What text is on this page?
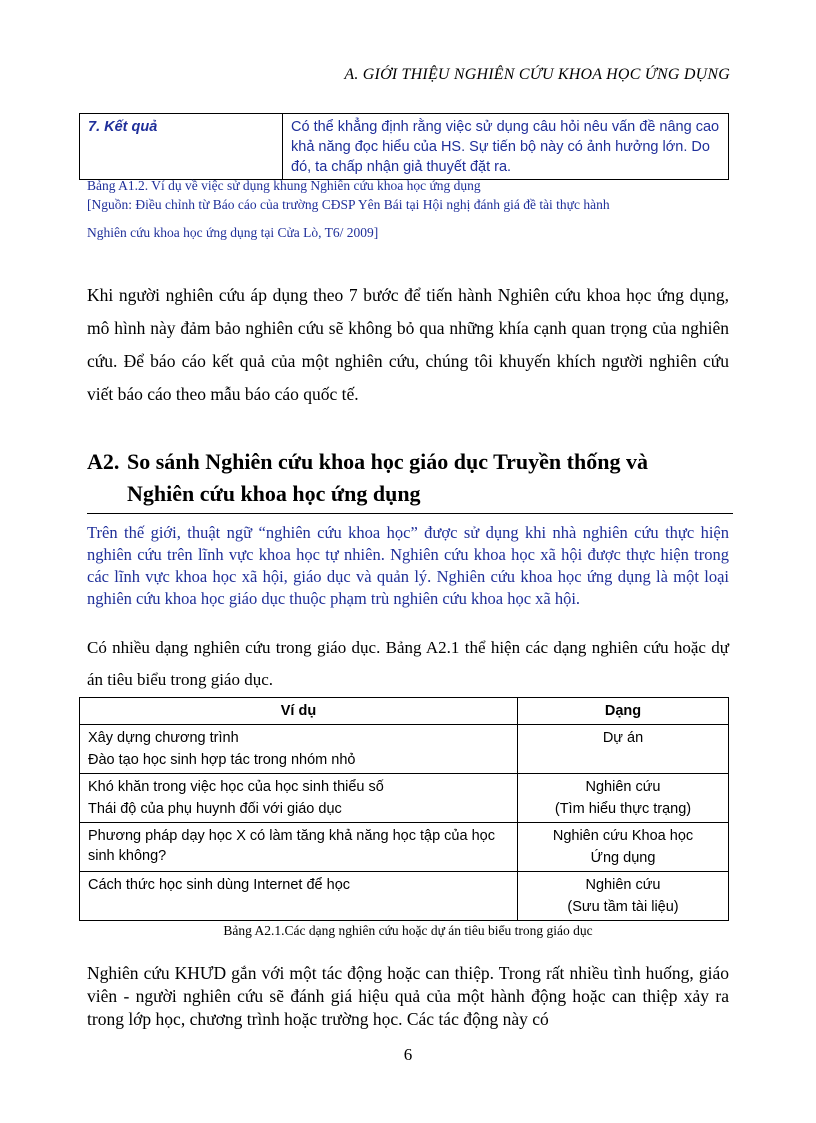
A. GIỚI THIỆU NGHIÊN CỨU KHOA HỌC ỨNG DỤNG
7. Kết quả	Có thể khẳng định rằng việc sử dụng câu hỏi nêu vấn đề nâng cao khả năng đọc hiểu của HS. Sự tiến bộ này có ảnh hưởng lớn. Do đó, ta chấp nhận giả thuyết đặt ra.
Bảng A1.2. Ví dụ về việc sử dụng khung Nghiên cứu khoa học ứng dụng
[Nguồn: Điều chỉnh từ Báo cáo của trường CĐSP Yên Bái tại Hội nghị đánh giá đề tài thực hành
Nghiên cứu khoa học ứng dụng tại Cửa Lò, T6/ 2009]
Khi người nghiên cứu áp dụng theo 7 bước để tiến hành Nghiên cứu khoa học ứng dụng, mô hình này đảm bảo nghiên cứu sẽ không bỏ qua những khía cạnh quan trọng của nghiên cứu. Để báo cáo kết quả của một nghiên cứu, chúng tôi khuyến khích người nghiên cứu viết báo cáo theo mẫu báo cáo quốc tế.
A2. So sánh Nghiên cứu khoa học giáo dục Truyền thống và
Nghiên cứu khoa học ứng dụng
Trên thế giới, thuật ngữ “nghiên cứu khoa học” được sử dụng khi nhà nghiên cứu thực hiện nghiên cứu trên lĩnh vực khoa học tự nhiên. Nghiên cứu khoa học xã hội được thực hiện trong các lĩnh vực khoa học xã hội, giáo dục và quản lý. Nghiên cứu khoa học ứng dụng là một loại nghiên cứu khoa học giáo dục thuộc phạm trù nghiên cứu khoa học xã hội.
Có nhiều dạng nghiên cứu trong giáo dục. Bảng A2.1 thể hiện các dạng nghiên cứu hoặc dự án tiêu biểu trong giáo dục.
Ví dụ	Dạng

Xây dựng chương trình
Đào tạo học sinh hợp tác trong nhóm nhỏ	Dự án

Khó khăn trong việc học của học sinh thiểu số
Thái độ của phụ huynh đối với giáo dục	Nghiên cứu
(Tìm hiểu thực trạng)

Phương pháp dạy học X có làm tăng khả năng học tập của học sinh không?	Nghiên cứu Khoa học
Ứng dụng

Cách thức học sinh dùng Internet để học	Nghiên cứu
(Sưu tầm tài liệu)
Bảng A2.1.Các dạng nghiên cứu hoặc dự án tiêu biểu trong giáo dục
Nghiên cứu KHƯD gắn với một tác động hoặc can thiệp. Trong rất nhiều tình huống, giáo viên - người nghiên cứu sẽ đánh giá hiệu quả của một hành động hoặc can thiệp xảy ra trong lớp học, chương trình hoặc trường học. Các tác động này có
6
